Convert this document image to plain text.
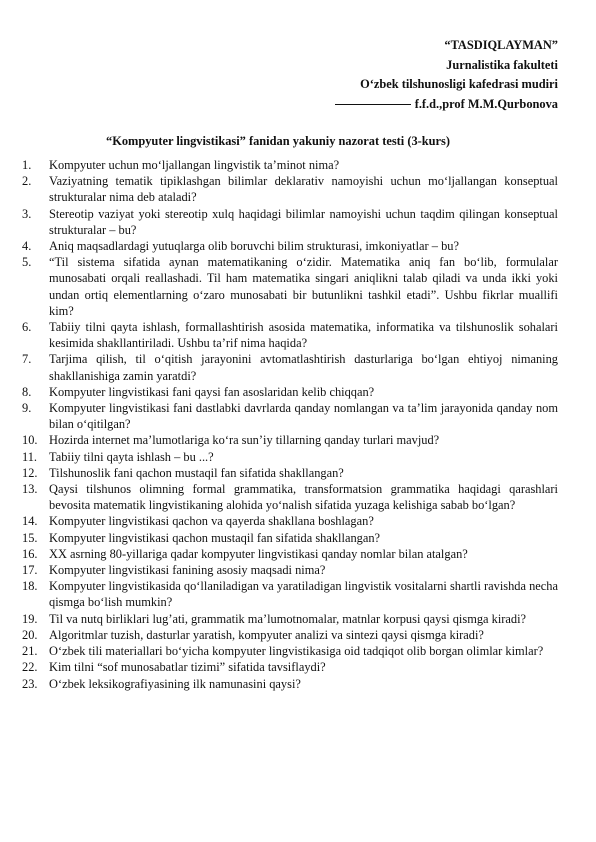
“TASDIQLAYMAN”
Jurnalistika fakulteti
O‘zbek tilshunosligi kafedrasi mudiri
f.f.d.,prof M.M.Qurbonova
“Kompyuter lingvistikasi” fanidan yakuniy nazorat testi (3-kurs)
1. Kompyuter uchun mo‘ljallangan lingvistik ta’minot nima?
2. Vaziyatning tematik tipiklashgan bilimlar deklarativ namoyishi uchun mo‘ljallangan konseptual strukturalar nima deb ataladi?
3. Stereotip vaziyat yoki stereotip xulq haqidagi bilimlar namoyishi uchun taqdim qilingan konseptual strukturalar – bu?
4. Aniq maqsadlardagi yutuqlarga olib boruvchi bilim strukturasi, imkoniyatlar – bu?
5. “Til sistema sifatida aynan matematikaning o‘zidir. Matematika aniq fan bo‘lib, formulalar munosabati orqali reallashadi. Til ham matematika singari aniqlikni talab qiladi va unda ikki yoki undan ortiq elementlarning o‘zaro munosabati bir butunlikni tashkil etadi”. Ushbu fikrlar muallifi kim?
6. Tabiiy tilni qayta ishlash, formallashtirish asosida matematika, informatika va tilshunoslik sohalari kesimida shakllantiriladi. Ushbu ta’rif nima haqida?
7. Tarjima qilish, til o‘qitish jarayonini avtomatlashtirish dasturlariga bo‘lgan ehtiyoj nimaning shakllanishiga zamin yaratdi?
8. Kompyuter lingvistikasi fani qaysi fan asoslaridan kelib chiqqan?
9. Kompyuter lingvistikasi fani dastlabki davrlarda qanday nomlangan va ta’lim jarayonida qanday nom bilan o‘qitilgan?
10. Hozirda internet ma’lumotlariga ko‘ra sun’iy tillarning qanday turlari mavjud?
11. Tabiiy tilni qayta ishlash – bu ...?
12. Tilshunoslik fani qachon mustaqil fan sifatida shakllangan?
13. Qaysi tilshunos olimning formal grammatika, transformatsion grammatika haqidagi qarashlari bevosita matematik lingvistikaning alohida yo‘nalish sifatida yuzaga kelishiga sabab bo‘lgan?
14. Kompyuter lingvistikasi qachon va qayerda shakllana boshlagan?
15. Kompyuter lingvistikasi qachon mustaqil fan sifatida shakllangan?
16. XX asrning 80-yillariga qadar kompyuter lingvistikasi qanday nomlar bilan atalgan?
17. Kompyuter lingvistikasi fanining asosiy maqsadi nima?
18. Kompyuter lingvistikasida qo‘llaniladigan va yaratiladigan lingvistik vositalarni shartli ravishda necha qismga bo‘lish mumkin?
19. Til va nutq birliklari lug’ati, grammatik ma’lumotnomalar, matnlar korpusi qaysi qismga kiradi?
20. Algoritmlar tuzish, dasturlar yaratish, kompyuter analizi va sintezi qaysi qismga kiradi?
21. O‘zbek tili materiallari bo‘yicha kompyuter lingvistikasiga oid tadqiqot olib borgan olimlar kimlar?
22. Kim tilni “sof munosabatlar tizimi” sifatida tavsiflaydi?
23. O‘zbek leksikografiyasining ilk namunasini qaysi?
